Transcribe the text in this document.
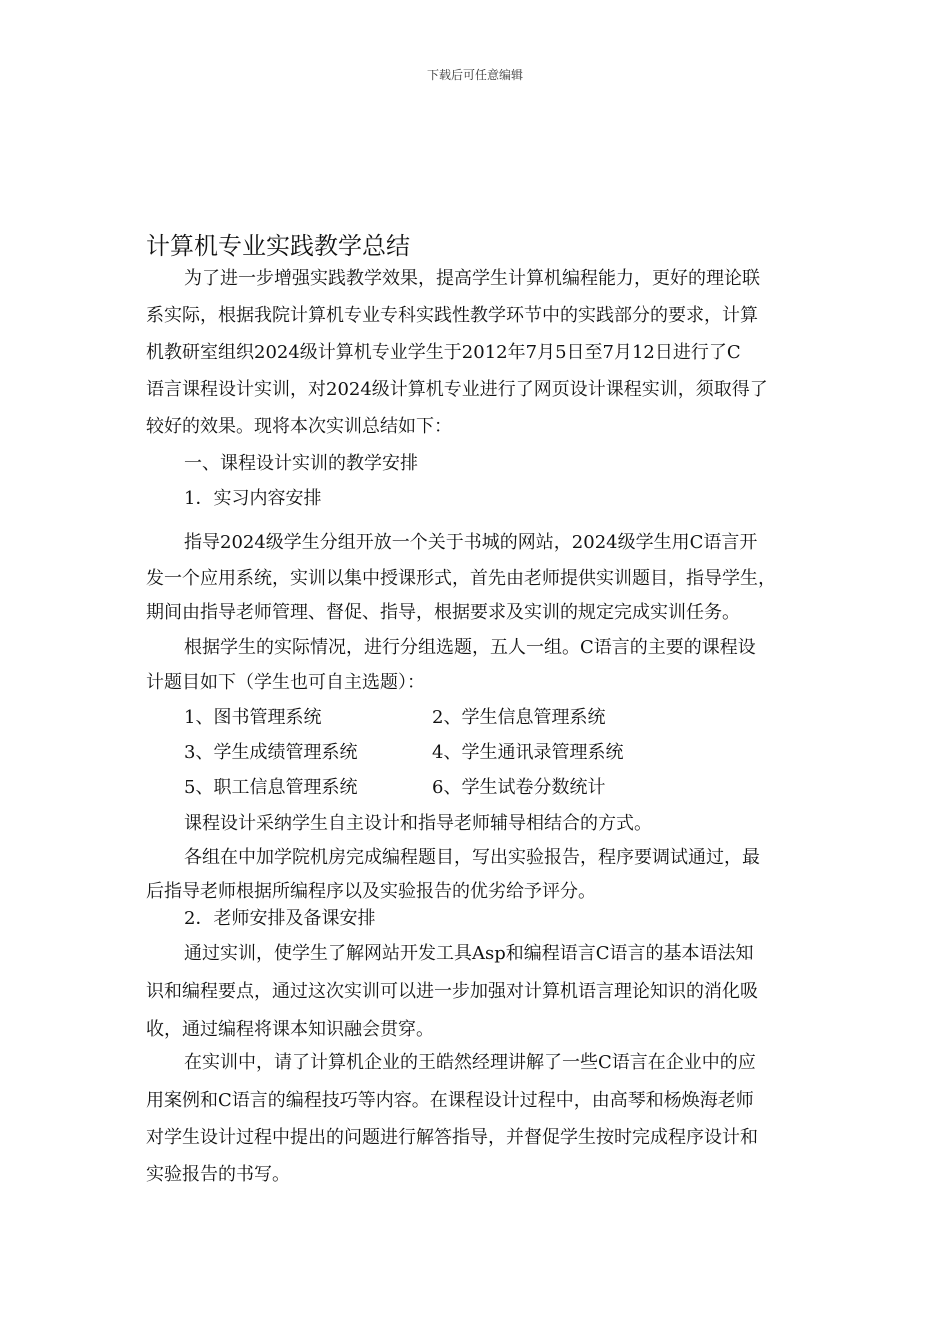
下载后可任意编辑
计算机专业实践教学总结
为了进一步增强实践教学效果，提高学生计算机编程能力，更好的理论联
系实际，根据我院计算机专业专科实践性教学环节中的实践部分的要求，计算
机教研室组织2024级计算机专业学生于2012年7月5日至7月12日进行了C
语言课程设计实训，对2024级计算机专业进行了网页设计课程实训，须取得了
较好的效果。现将本次实训总结如下：
一、课程设计实训的教学安排
1．实习内容安排
指导2024级学生分组开放一个关于书城的网站，2024级学生用C语言开
发一个应用系统，实训以集中授课形式，首先由老师提供实训题目，指导学生，
期间由指导老师管理、督促、指导，根据要求及实训的规定完成实训任务。
根据学生的实际情况，进行分组选题，五人一组。C语言的主要的课程设
计题目如下（学生也可自主选题）：
1、图书管理系统	2、学生信息管理系统
3、学生成绩管理系统	4、学生通讯录管理系统
5、职工信息管理系统	6、学生试卷分数统计
课程设计采纳学生自主设计和指导老师辅导相结合的方式。
各组在中加学院机房完成编程题目，写出实验报告，程序要调试通过，最
后指导老师根据所编程序以及实验报告的优劣给予评分。
2．老师安排及备课安排
通过实训，使学生了解网站开发工具Asp和编程语言C语言的基本语法知
识和编程要点，通过这次实训可以进一步加强对计算机语言理论知识的消化吸
收，通过编程将课本知识融会贯穿。
在实训中，请了计算机企业的王皓然经理讲解了一些C语言在企业中的应
用案例和C语言的编程技巧等内容。在课程设计过程中，由高琴和杨焕海老师
对学生设计过程中提出的问题进行解答指导，并督促学生按时完成程序设计和
实验报告的书写。
